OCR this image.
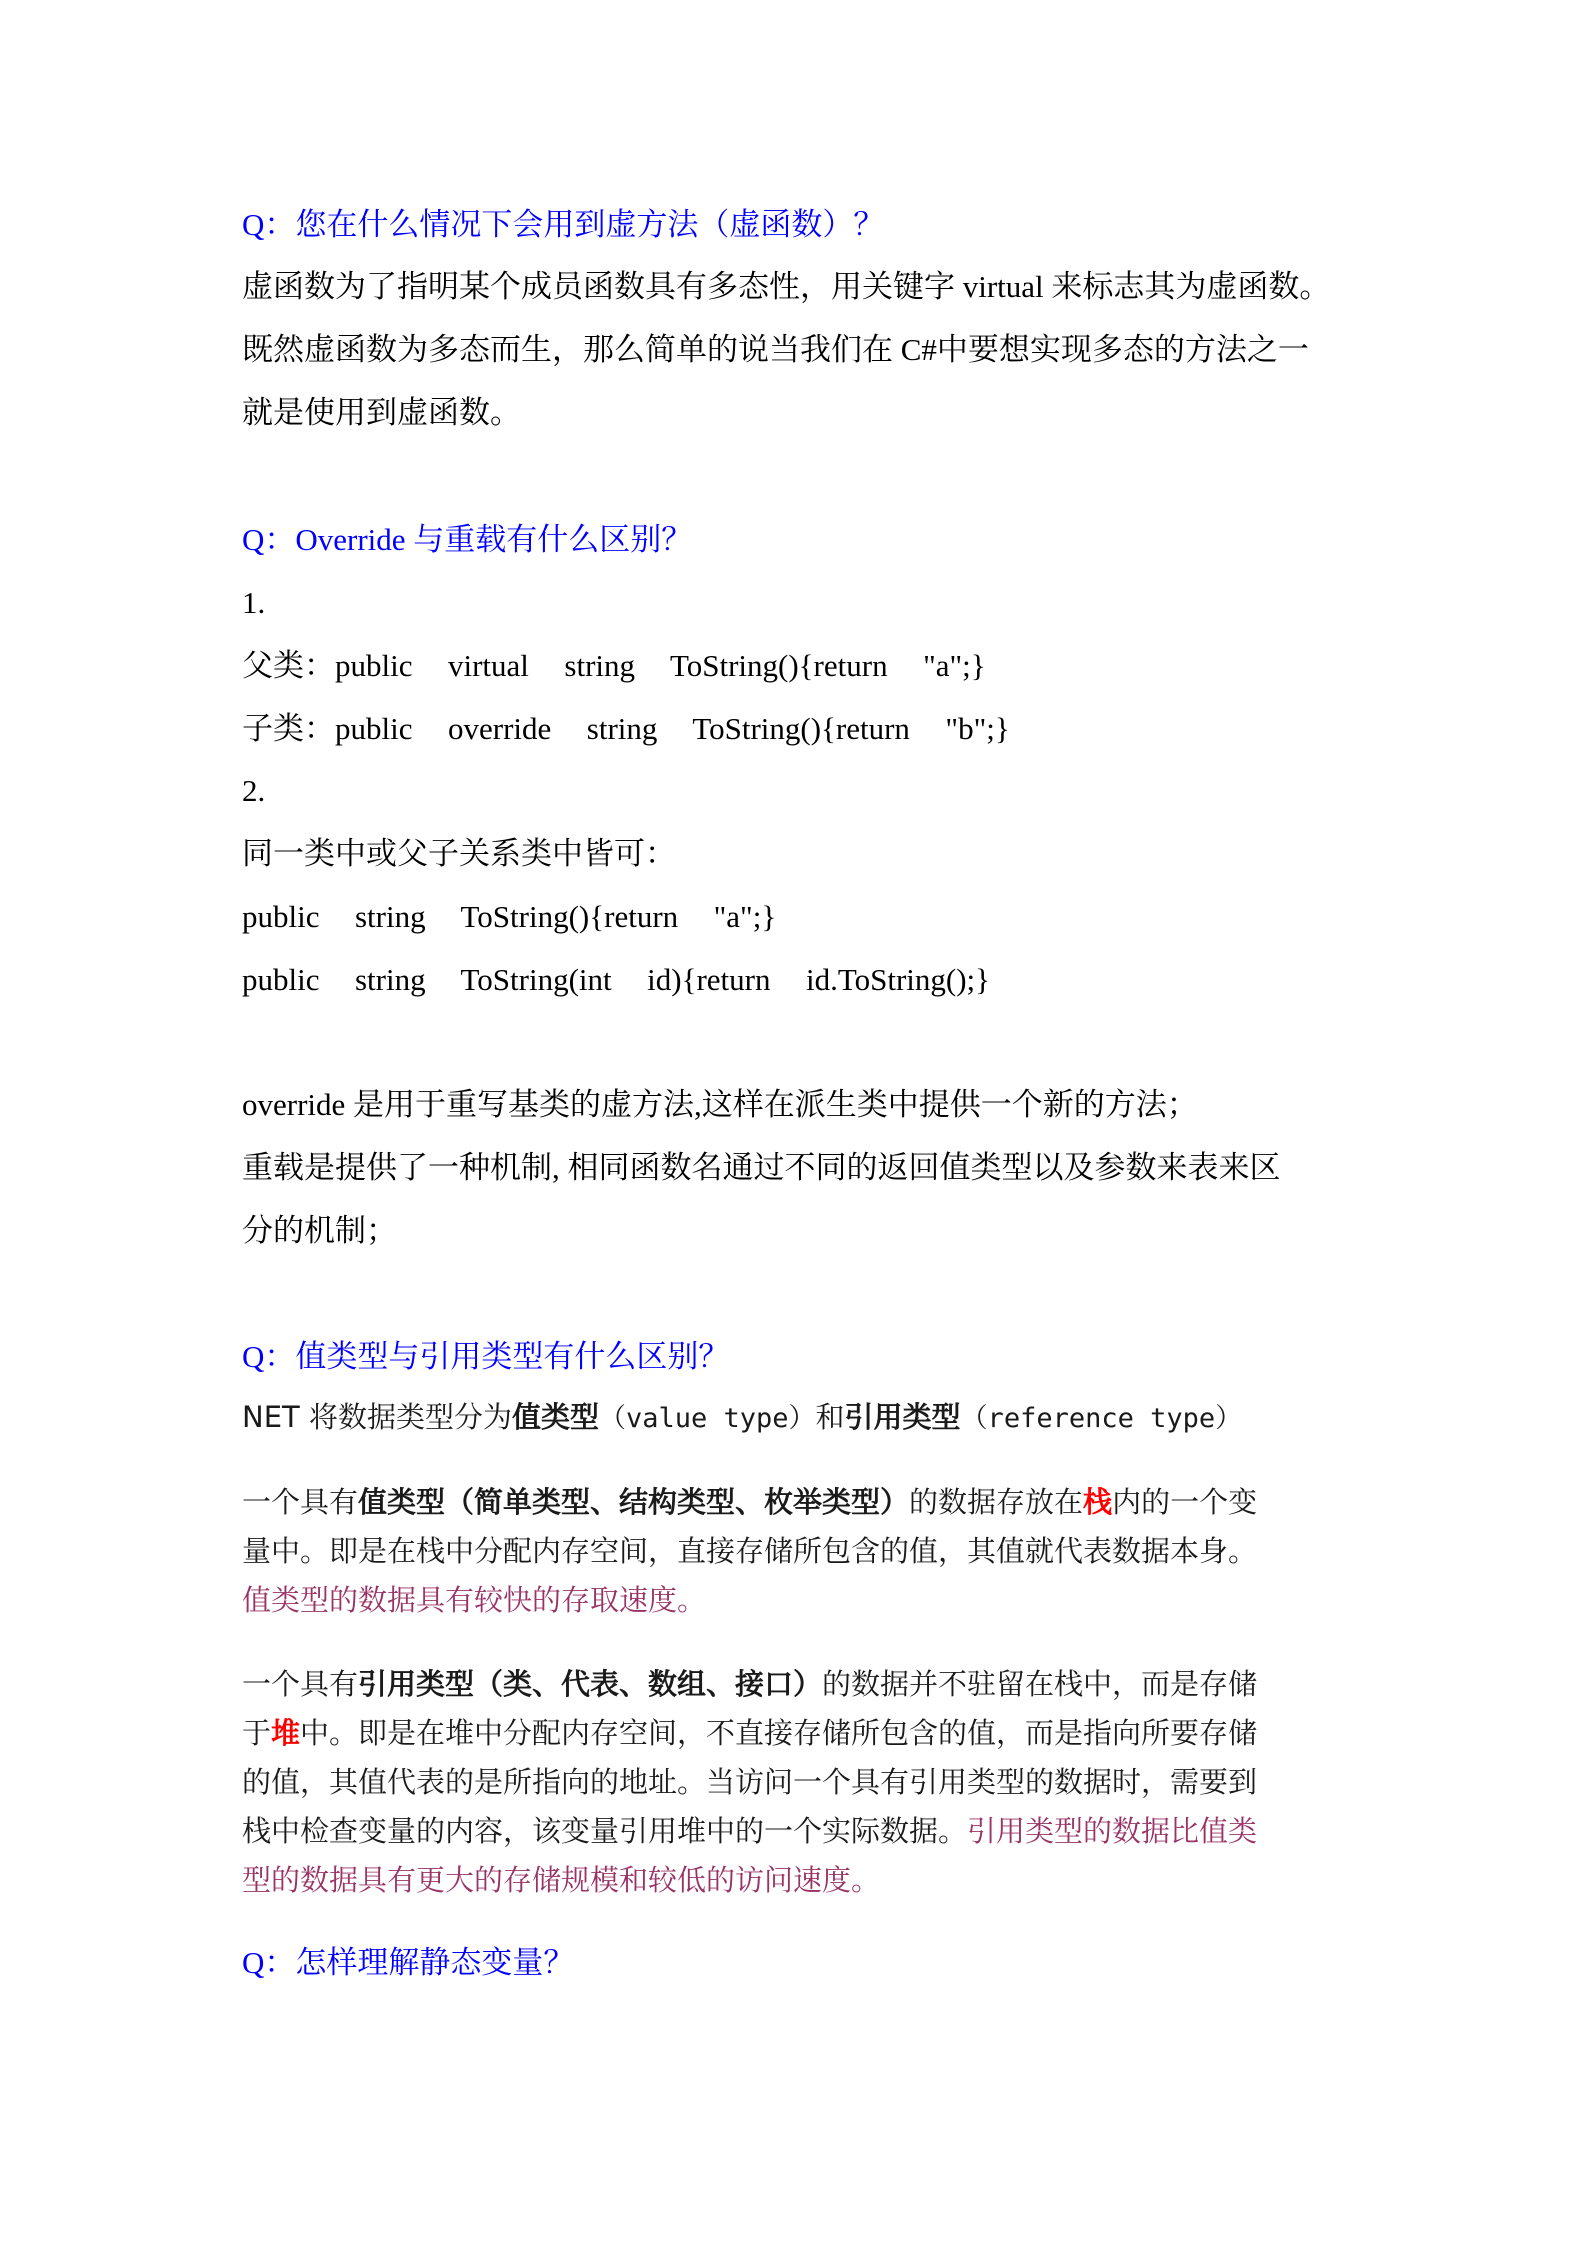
Q：您在什么情况下会用到虚方法（虚函数）？

虚函数为了指明某个成员函数具有多态性，用关键字 virtual 来标志其为虚函数。

既然虚函数为多态而生，那么简单的说当我们在 C#中要想实现多态的方法之一

就是使用到虚函数。

Q：Override 与重载有什么区别？

1.

父类：public  virtual  string  ToString(){return  "a";}

子类：public  override  string  ToString(){return  "b";}

2.

同一类中或父子关系类中皆可：

public  string  ToString(){return  "a";}

public  string  ToString(int  id){return  id.ToString();}

override 是用于重写基类的虚方法,这样在派生类中提供一个新的方法；

重载是提供了一种机制, 相同函数名通过不同的返回值类型以及参数来表来区

分的机制；

Q：值类型与引用类型有什么区别？

NET 将数据类型分为值类型（value type）和引用类型（reference type）

一个具有值类型（简单类型、结构类型、枚举类型）的数据存放在栈内的一个变

量中。即是在栈中分配内存空间，直接存储所包含的值，其值就代表数据本身。

值类型的数据具有较快的存取速度。

一个具有引用类型（类、代表、数组、接口）的数据并不驻留在栈中，而是存储

于堆中。即是在堆中分配内存空间，不直接存储所包含的值，而是指向所要存储

的值，其值代表的是所指向的地址。当访问一个具有引用类型的数据时，需要到

栈中检查变量的内容，该变量引用堆中的一个实际数据。引用类型的数据比值类

型的数据具有更大的存储规模和较低的访问速度。

Q：怎样理解静态变量？
